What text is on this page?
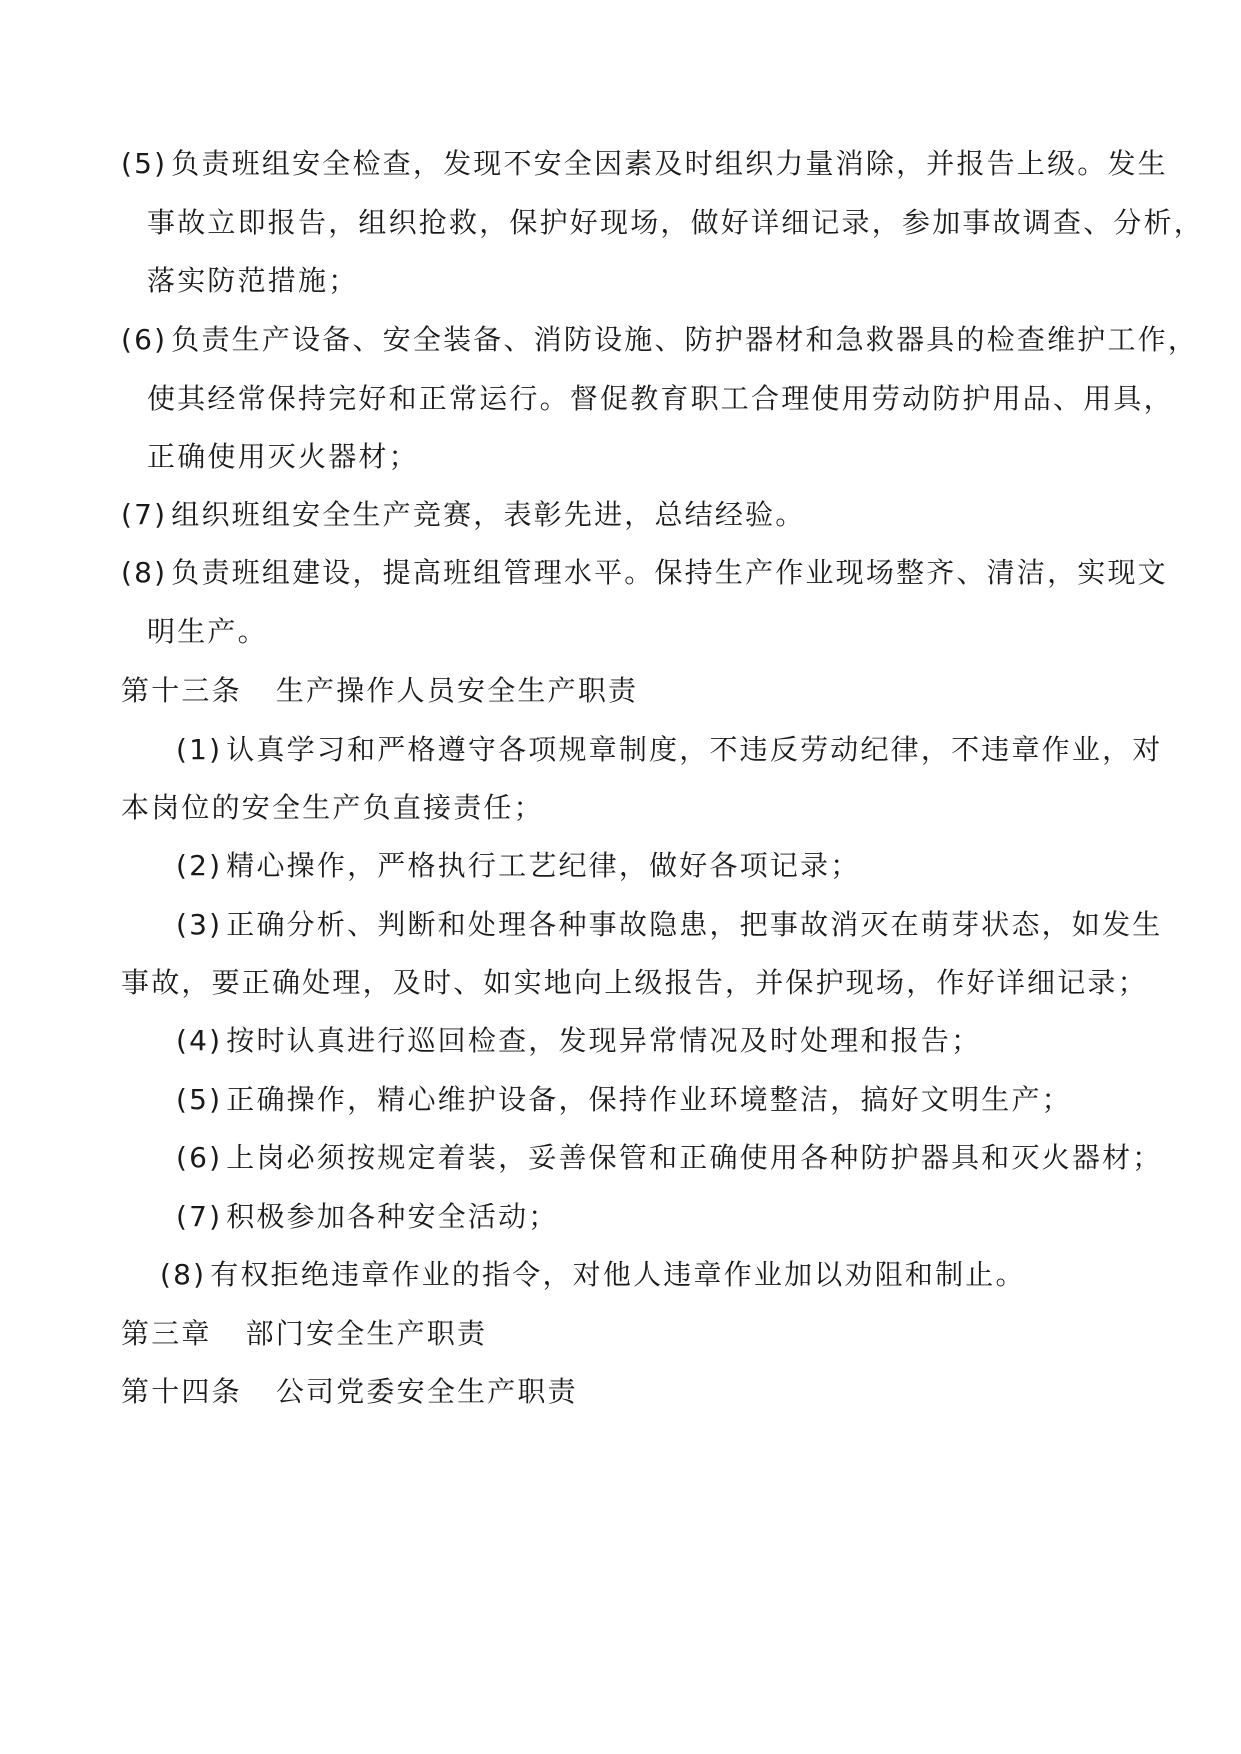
(5) 负责班组安全检查，发现不安全因素及时组织力量消除，并报告上级。发生
事故立即报告，组织抢救，保护好现场，做好详细记录，参加事故调查、分析，
落实防范措施；
(6) 负责生产设备、安全装备、消防设施、防护器材和急救器具的检查维护工作，
使其经常保持完好和正常运行。督促教育职工合理使用劳动防护用品、用具，
正确使用灭火器材；
(7) 组织班组安全生产竞赛，表彰先进，总结经验。
(8) 负责班组建设，提高班组管理水平。保持生产作业现场整齐、清洁，实现文
明生产。
第十三条 生产操作人员安全生产职责
(1) 认真学习和严格遵守各项规章制度，不违反劳动纪律，不违章作业，对
本岗位的安全生产负直接责任；
(2) 精心操作，严格执行工艺纪律，做好各项记录；
(3) 正确分析、判断和处理各种事故隐患，把事故消灭在萌芽状态，如发生
事故，要正确处理，及时、如实地向上级报告，并保护现场，作好详细记录；
(4) 按时认真进行巡回检查，发现异常情况及时处理和报告；
(5) 正确操作，精心维护设备，保持作业环境整洁，搞好文明生产；
(6) 上岗必须按规定着装，妥善保管和正确使用各种防护器具和灭火器材；
(7) 积极参加各种安全活动；
(8) 有权拒绝违章作业的指令，对他人违章作业加以劝阻和制止。
第三章 部门安全生产职责
第十四条 公司党委安全生产职责
